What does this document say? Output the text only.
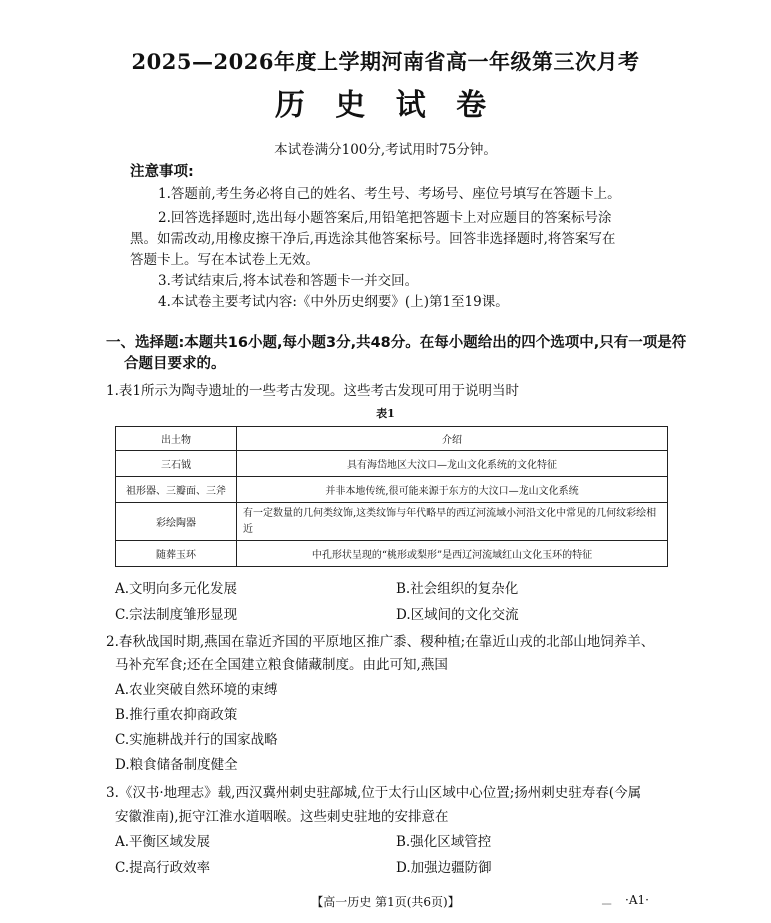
2025—2026年度上学期河南省高一年级第三次月考
历 史 试 卷
本试卷满分100分,考试用时75分钟。
注意事项:
1.答题前,考生务必将自己的姓名、考生号、考场号、座位号填写在答题卡上。
2.回答选择题时,选出每小题答案后,用铅笔把答题卡上对应题目的答案标号涂
黑。如需改动,用橡皮擦干净后,再选涂其他答案标号。回答非选择题时,将答案写在
答题卡上。写在本试卷上无效。
3.考试结束后,将本试卷和答题卡一并交回。
4.本试卷主要考试内容:《中外历史纲要》(上)第1至19课。
一、选择题:本题共16小题,每小题3分,共48分。在每小题给出的四个选项中,只有一项是符
合题目要求的。
1.表1所示为陶寺遗址的一些考古发现。这些考古发现可用于说明当时
表1
出土物	介绍
三石钺	具有海岱地区大汶口—龙山文化系统的文化特征
祖形器、三瓣面、三斧	并非本地传统,很可能来源于东方的大汶口—龙山文化系统
彩绘陶器	有一定数量的几何类纹饰,这类纹饰与年代略早的西辽河流域小河沿文化中常见的几何纹彩绘相近
随葬玉环	中孔形状呈现的“桃形或梨形”是西辽河流域红山文化玉环的特征
A.文明向多元化发展	B.社会组织的复杂化
C.宗法制度雏形显现	D.区域间的文化交流
2.春秋战国时期,燕国在靠近齐国的平原地区推广黍、稷种植;在靠近山戎的北部山地饲养羊、
马补充军食;还在全国建立粮食储藏制度。由此可知,燕国
A.农业突破自然环境的束缚
B.推行重农抑商政策
C.实施耕战并行的国家战略
D.粮食储备制度健全
3.《汉书·地理志》载,西汉冀州刺史驻鄗城,位于太行山区域中心位置;扬州刺史驻寿春(今属
安徽淮南),扼守江淮水道咽喉。这些刺史驻地的安排意在
A.平衡区域发展	B.强化区域管控
C.提高行政效率	D.加强边疆防御
【高一历史 第1页(共6页)】	▁▁ ·A1·
